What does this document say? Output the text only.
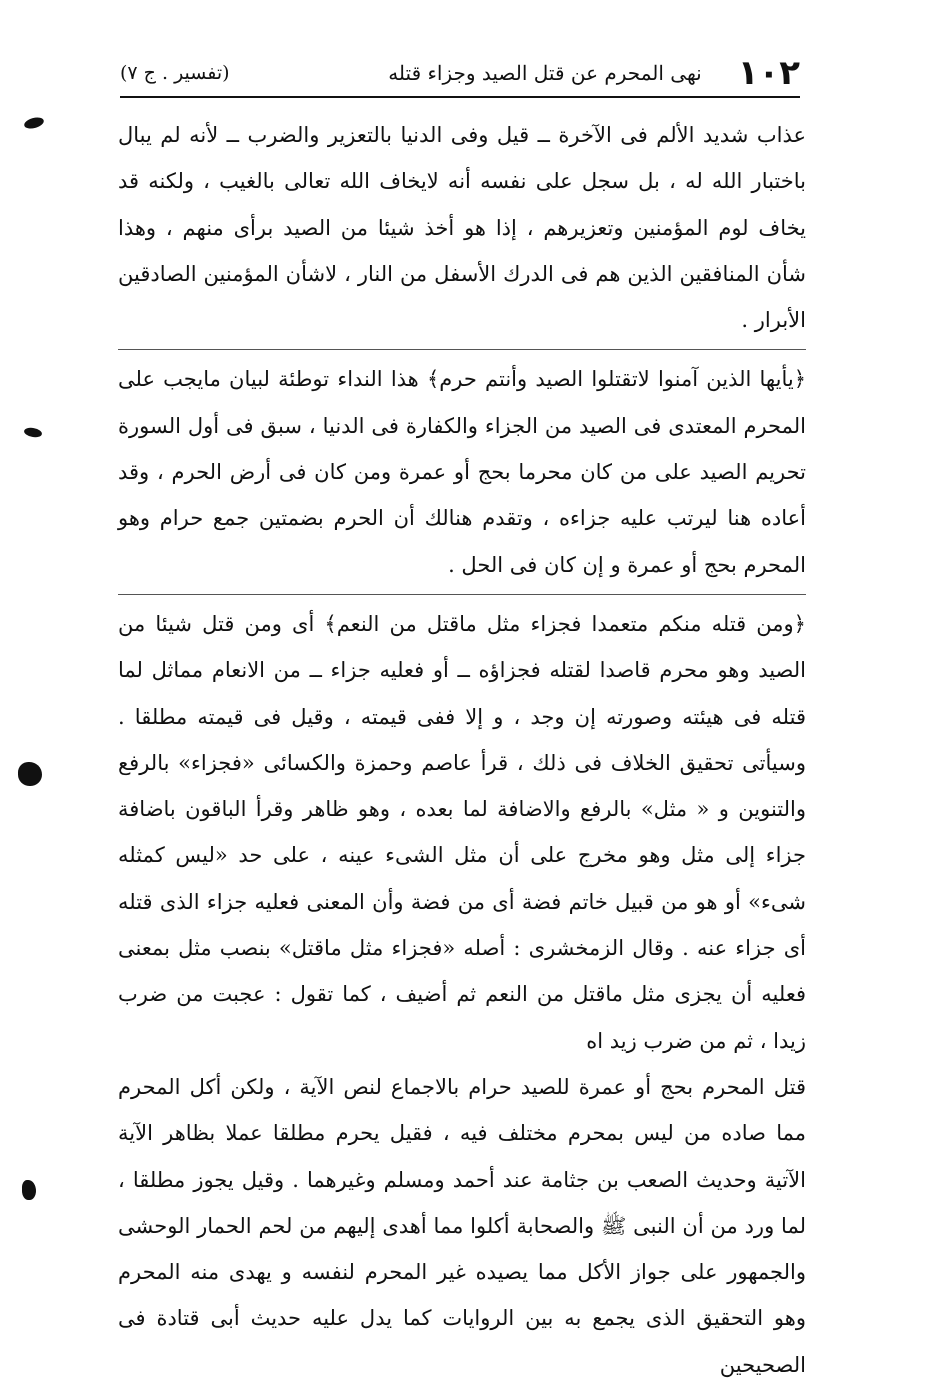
١٠٢
نهى المحرم عن قتل الصيد وجزاء قتله
(تفسير . ج ٧)

عذاب شديد الألم فى الآخرة ــ قيل وفى الدنيا بالتعزير والضرب ــ لأنه لم يبال باختبار الله له ، بل سجل على نفسه أنه لايخاف الله تعالى بالغيب ، ولكنه قد يخاف لوم المؤمنين وتعزيرهم ، إذا هو أخذ شيئا من الصيد برأى منهم ، وهذا شأن المنافقين الذين هم فى الدرك الأسفل من النار ، لاشأن المؤمنين الصادقين الأبرار .

﴿يأيها الذين آمنوا لاتقتلوا الصيد وأنتم حرم﴾ هذا النداء توطئة لبيان مايجب على المحرم المعتدى فى الصيد من الجزاء والكفارة فى الدنيا ، سبق فى أول السورة تحريم الصيد على من كان محرما بحج أو عمرة ومن كان فى أرض الحرم ، وقد أعاده هنا ليرتب عليه جزاءه ، وتقدم هنالك أن الحرم بضمتين جمع حرام وهو المحرم بحج أو عمرة و إن كان فى الحل .

﴿ومن قتله منكم متعمدا فجزاء مثل ماقتل من النعم﴾ أى ومن قتل شيئا من الصيد وهو محرم قاصدا لقتله فجزاؤه ــ أو فعليه جزاء ــ من الانعام مماثل لما قتله فى هيئته وصورته إن وجد ، و إلا ففى قيمته ، وقيل فى قيمته مطلقا . وسيأتى تحقيق الخلاف فى ذلك ، قرأ عاصم وحمزة والكسائى «فجزاء» بالرفع والتنوين و « مثل» بالرفع والاضافة لما بعده ، وهو ظاهر وقرأ الباقون باضافة جزاء إلى مثل وهو مخرج على أن مثل الشىء عينه ، على حد «ليس كمثله شىء» أو هو من قبيل خاتم فضة أى من فضة وأن المعنى فعليه جزاء الذى قتله أى جزاء عنه . وقال الزمخشرى : أصله «فجزاء مثل ماقتل» بنصب مثل بمعنى فعليه أن يجزى مثل ماقتل من النعم ثم أضيف ، كما تقول : عجبت من ضرب زيدا ، ثم من ضرب زيد اه

قتل المحرم بحج أو عمرة للصيد حرام بالاجماع لنص الآية ، ولكن أكل المحرم مما صاده من ليس بمحرم مختلف فيه ، فقيل يحرم مطلقا عملا بظاهر الآية الآتية وحديث الصعب بن جثامة عند أحمد ومسلم وغيرهما . وقيل يجوز مطلقا ، لما ورد من أن النبى ﷺ والصحابة أكلوا مما أهدى إليهم من لحم الحمار الوحشى والجمهور على جواز الأكل مما يصيده غير المحرم لنفسه و يهدى منه المحرم وهو التحقيق الذى يجمع به بين الروايات كما يدل عليه حديث أبى قتادة فى الصحيحين
